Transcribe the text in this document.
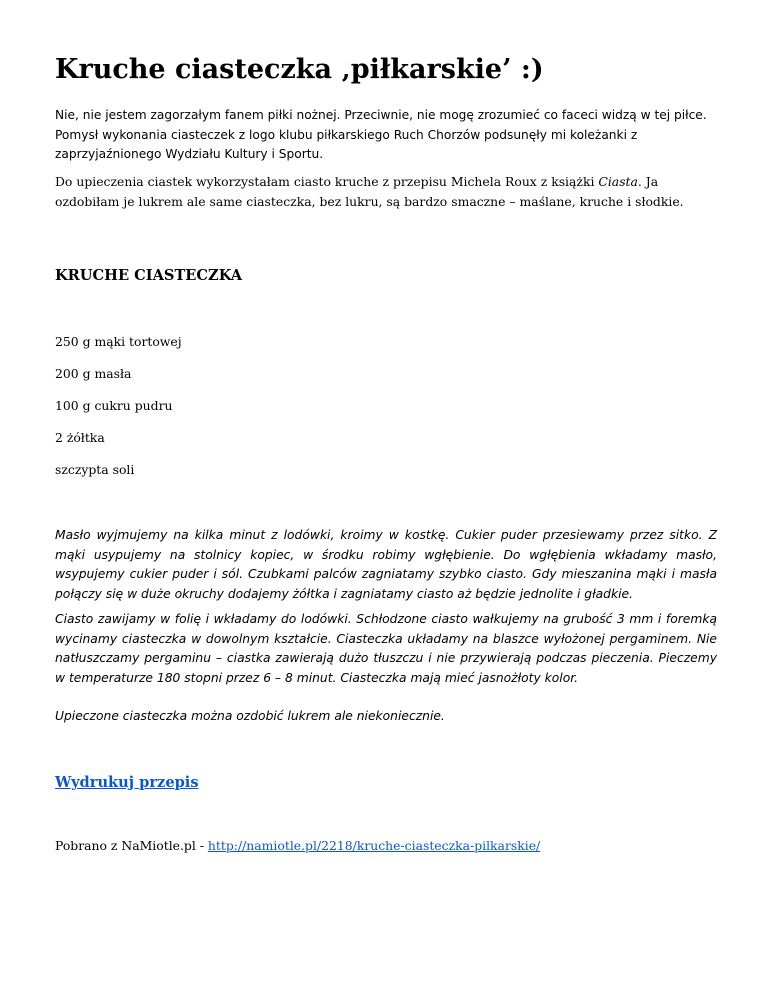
Kruche ciasteczka ‚piłkarskie’ :)

Nie, nie jestem zagorzałym fanem piłki nożnej. Przeciwnie, nie mogę zrozumieć co faceci widzą w tej piłce. Pomysł wykonania ciasteczek z logo klubu piłkarskiego Ruch Chorzów podsunęły mi koleżanki z zaprzyjaźnionego Wydziału Kultury i Sportu.

Do upieczenia ciastek wykorzystałam ciasto kruche z przepisu Michela Roux z książki Ciasta. Ja ozdobiłam je lukrem ale same ciasteczka, bez lukru, są bardzo smaczne – maślane, kruche i słodkie.

KRUCHE CIASTECZKA

250 g mąki tortowej

200 g masła

100 g cukru pudru

2 żółtka

szczypta soli

Masło wyjmujemy na kilka minut z lodówki, kroimy w kostkę. Cukier puder przesiewamy przez sitko. Z mąki usypujemy na stolnicy kopiec, w środku robimy wgłębienie. Do wgłębienia wkładamy masło, wsypujemy cukier puder i sól. Czubkami palców zagniatamy szybko ciasto. Gdy mieszanina mąki i masła połączy się w duże okruchy dodajemy żółtka i zagniatamy ciasto aż będzie jednolite i gładkie.

Ciasto zawijamy w folię i wkładamy do lodówki. Schłodzone ciasto wałkujemy na grubość 3 mm i foremką wycinamy ciasteczka w dowolnym kształcie. Ciasteczka układamy na blaszce wyłożonej pergaminem. Nie natłuszczamy pergaminu – ciastka zawierają dużo tłuszczu i nie przywierają podczas pieczenia. Pieczemy w temperaturze 180 stopni przez 6 – 8 minut. Ciasteczka mają mieć jasnożłoty kolor.

Upieczone ciasteczka można ozdobić lukrem ale niekoniecznie.

Wydrukuj przepis

Pobrano z NaMiotle.pl - http://namiotle.pl/2218/kruche-ciasteczka-pilkarskie/
